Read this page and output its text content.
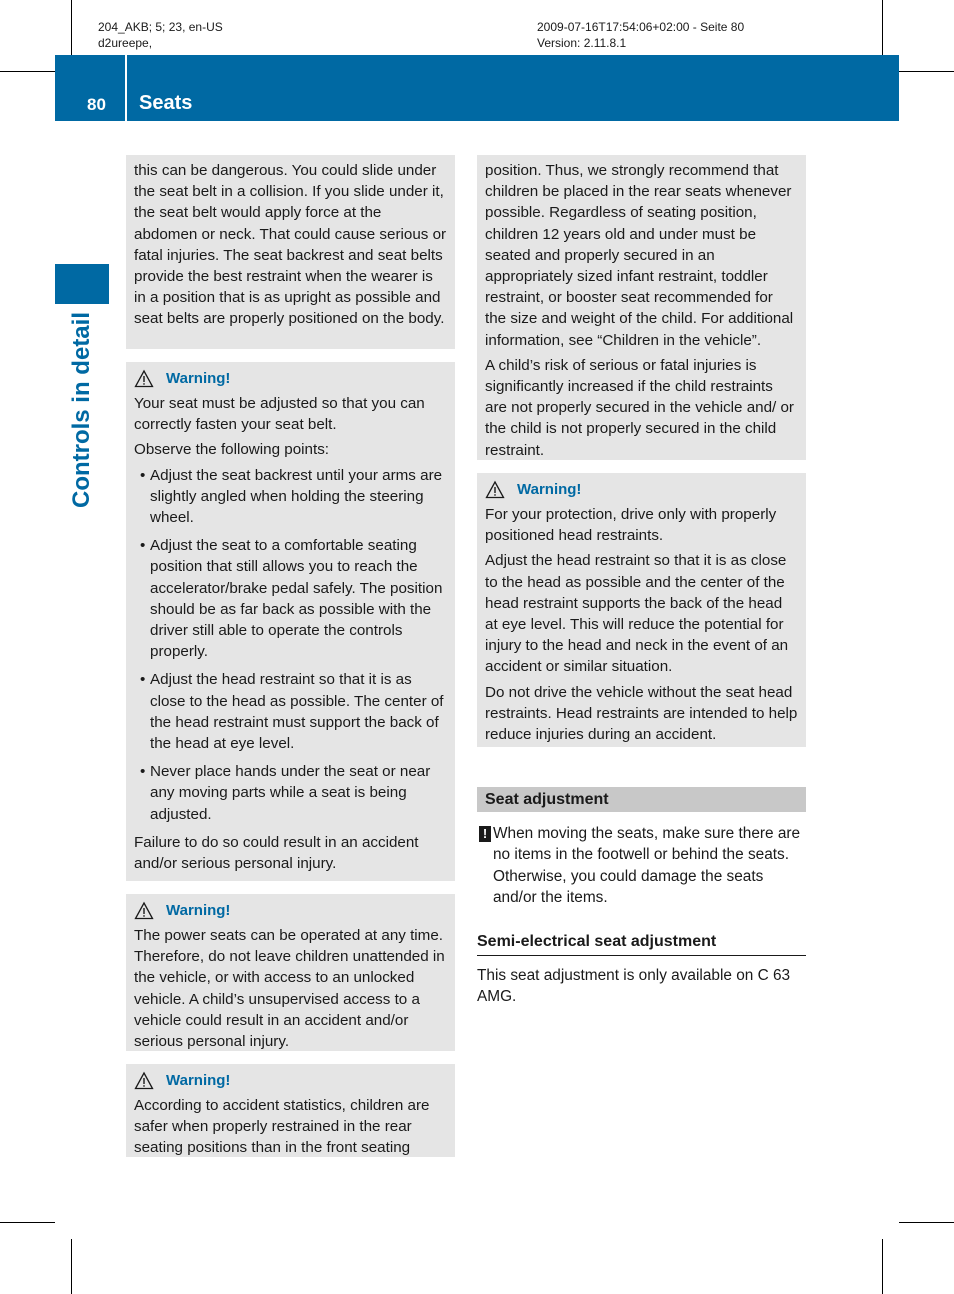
204_AKB; 5; 23, en-US
d2ureepe,
2009-07-16T17:54:06+02:00 - Seite 80
Version: 2.11.8.1
80	Seats
Controls in detail

this can be dangerous. You could slide under the seat belt in a collision. If you slide under it, the seat belt would apply force at the abdomen or neck. That could cause serious or fatal injuries. The seat backrest and seat belts provide the best restraint when the wearer is in a position that is as upright as possible and seat belts are properly positioned on the body.

Warning!

Your seat must be adjusted so that you can correctly fasten your seat belt.

Observe the following points:

• Adjust the seat backrest until your arms are slightly angled when holding the steering wheel.
• Adjust the seat to a comfortable seating position that still allows you to reach the accelerator/brake pedal safely. The position should be as far back as possible with the driver still able to operate the controls properly.
• Adjust the head restraint so that it is as close to the head as possible. The center of the head restraint must support the back of the head at eye level.
• Never place hands under the seat or near any moving parts while a seat is being adjusted.

Failure to do so could result in an accident and/or serious personal injury.

Warning!

The power seats can be operated at any time. Therefore, do not leave children unattended in the vehicle, or with access to an unlocked vehicle. A child’s unsupervised access to a vehicle could result in an accident and/or serious personal injury.

Warning!

According to accident statistics, children are safer when properly restrained in the rear seating positions than in the front seating

position. Thus, we strongly recommend that children be placed in the rear seats whenever possible. Regardless of seating position, children 12 years old and under must be seated and properly secured in an appropriately sized infant restraint, toddler restraint, or booster seat recommended for the size and weight of the child. For additional information, see “Children in the vehicle”.

A child’s risk of serious or fatal injuries is significantly increased if the child restraints are not properly secured in the vehicle and/ or the child is not properly secured in the child restraint.

Warning!

For your protection, drive only with properly positioned head restraints.

Adjust the head restraint so that it is as close to the head as possible and the center of the head restraint supports the back of the head at eye level. This will reduce the potential for injury to the head and neck in the event of an accident or similar situation.

Do not drive the vehicle without the seat head restraints. Head restraints are intended to help reduce injuries during an accident.

Seat adjustment
! When moving the seats, make sure there are no items in the footwell or behind the seats. Otherwise, you could damage the seats and/or the items.
Semi-electrical seat adjustment
This seat adjustment is only available on C 63 AMG.
